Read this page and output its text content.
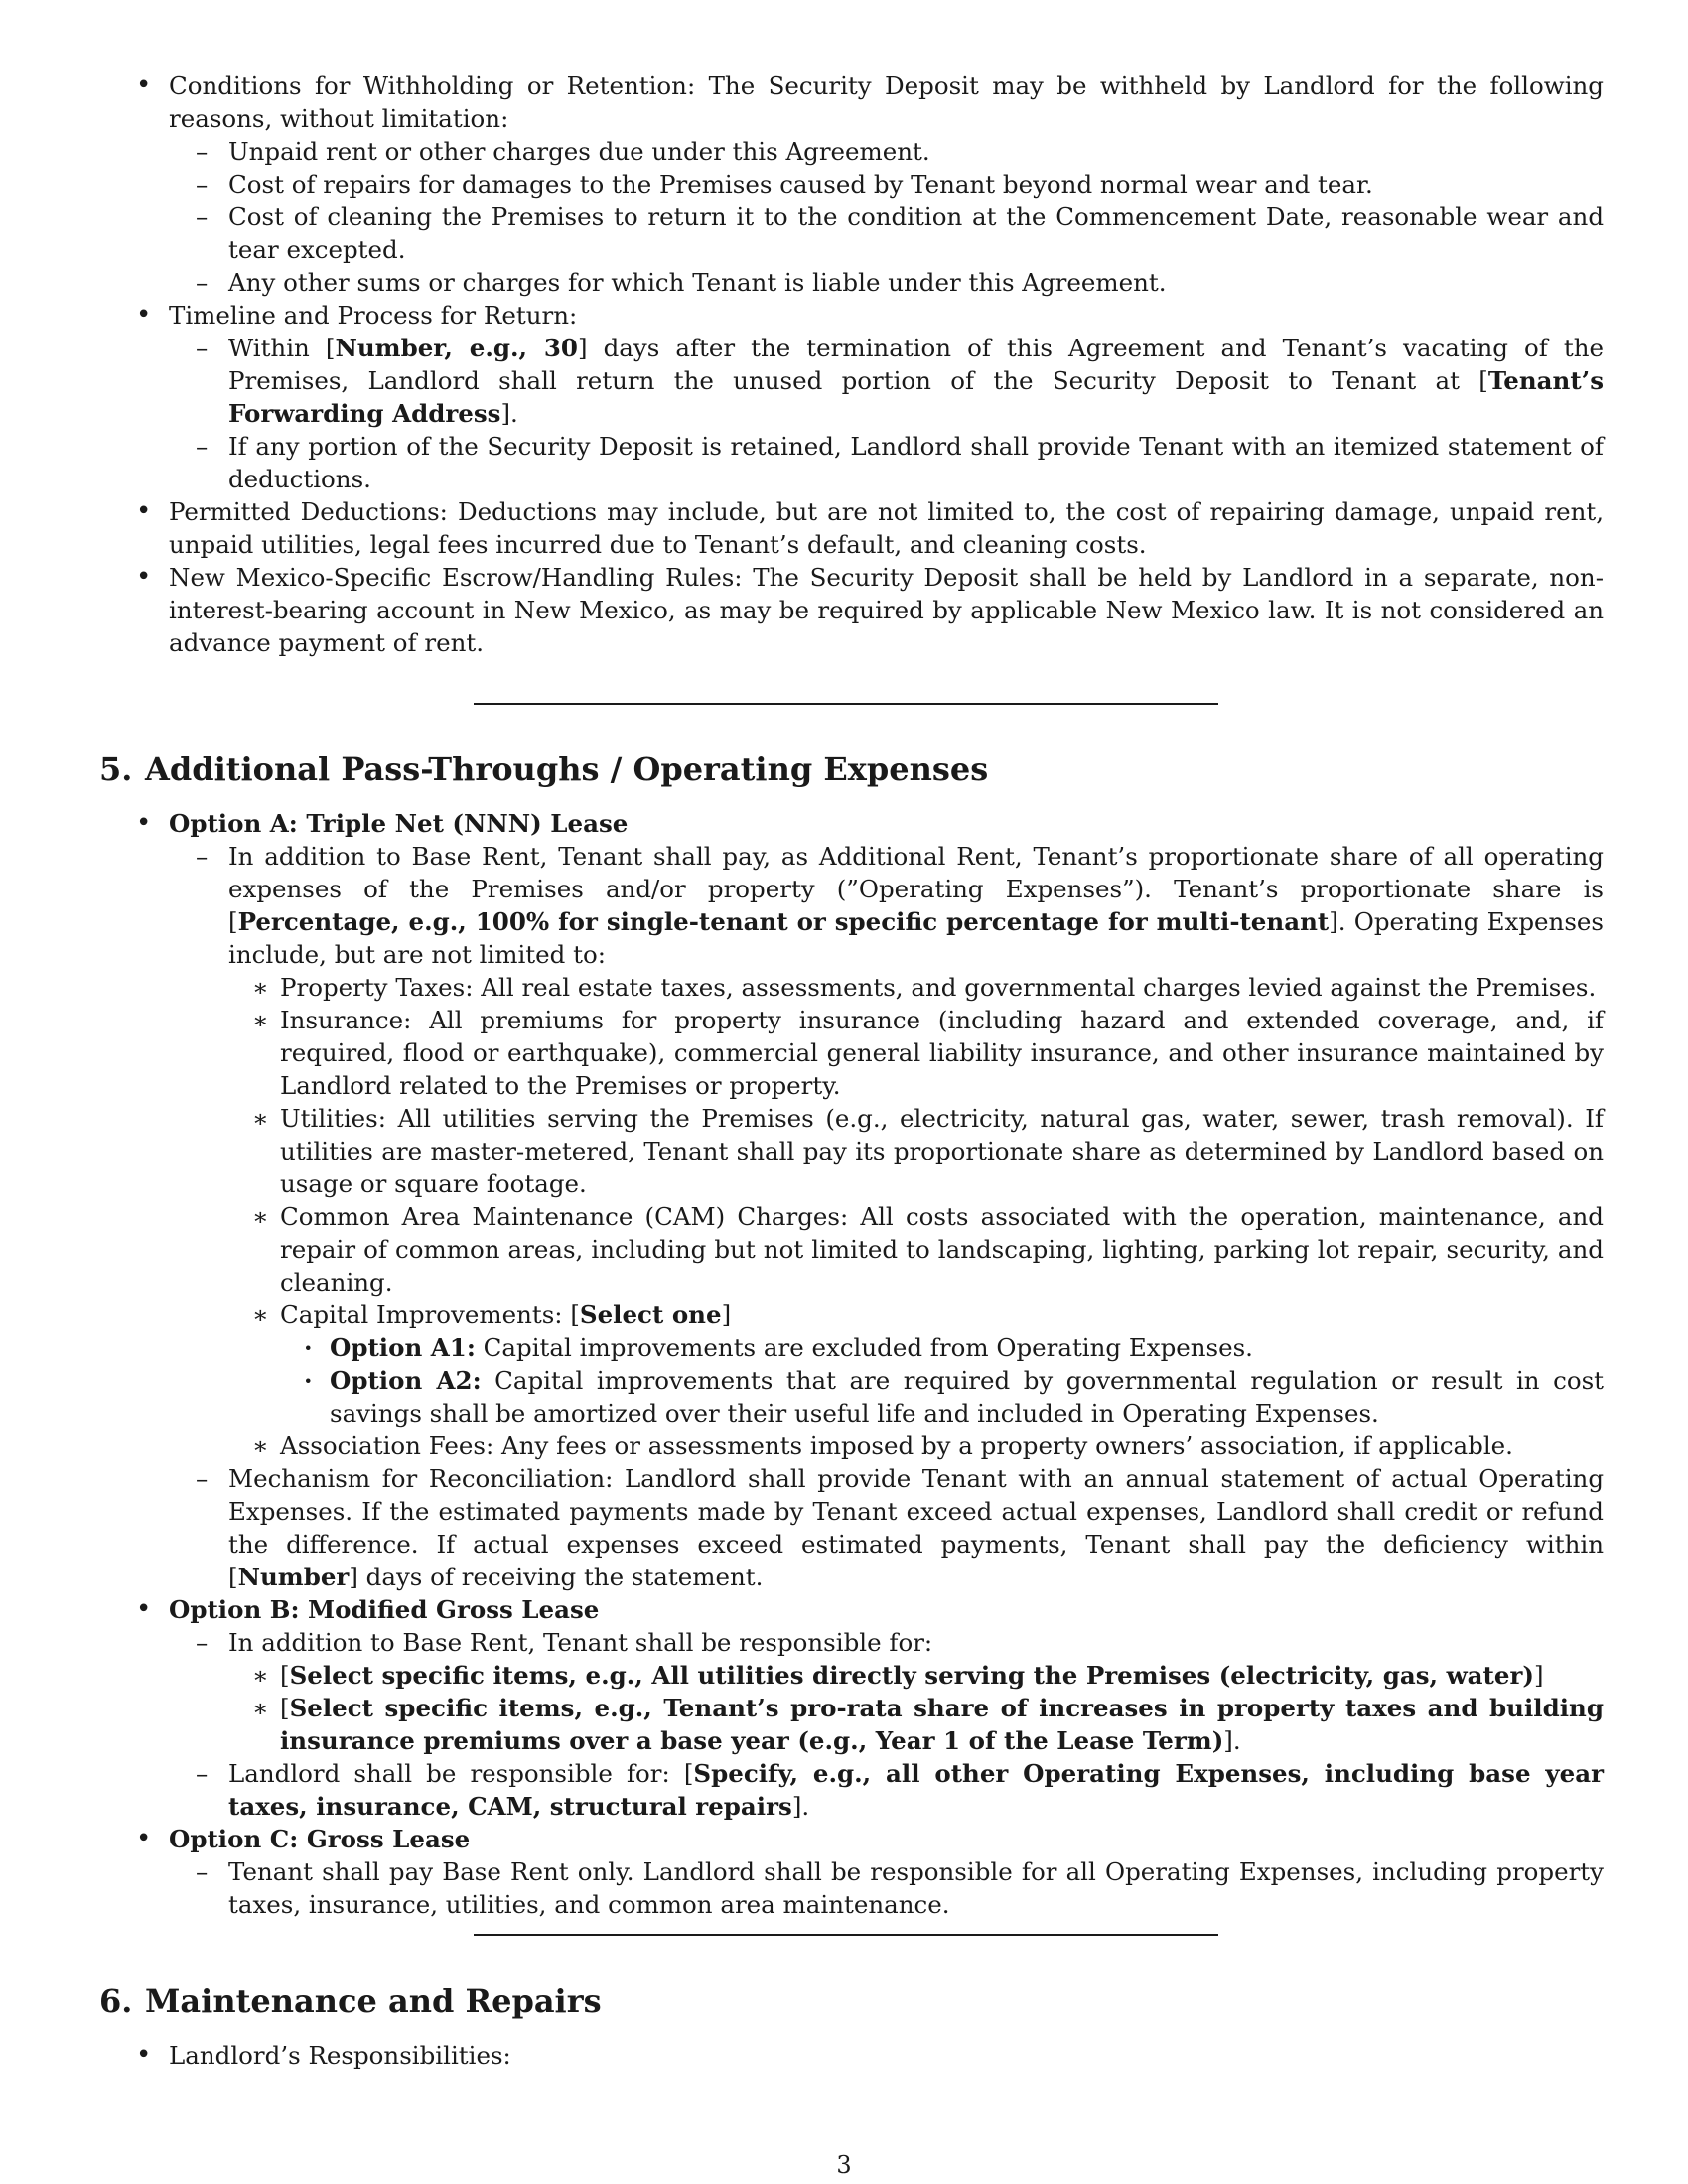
• Conditions for Withholding or Retention: The Security Deposit may be withheld by Landlord for the following reasons, without limitation:
– Unpaid rent or other charges due under this Agreement.
– Cost of repairs for damages to the Premises caused by Tenant beyond normal wear and tear.
– Cost of cleaning the Premises to return it to the condition at the Commencement Date, reasonable wear and tear excepted.
– Any other sums or charges for which Tenant is liable under this Agreement.
• Timeline and Process for Return:
– Within [Number, e.g., 30] days after the termination of this Agreement and Tenant’s vacating of the Premises, Landlord shall return the unused portion of the Security Deposit to Tenant at [Tenant’s Forwarding Address].
– If any portion of the Security Deposit is retained, Landlord shall provide Tenant with an itemized statement of deductions.
• Permitted Deductions: Deductions may include, but are not limited to, the cost of repairing damage, unpaid rent, unpaid utilities, legal fees incurred due to Tenant’s default, and cleaning costs.
• New Mexico-Specific Escrow/Handling Rules: The Security Deposit shall be held by Landlord in a separate, non-interest-bearing account in New Mexico, as may be required by applicable New Mexico law. It is not considered an advance payment of rent.
5. Additional Pass-Throughs / Operating Expenses
• Option A: Triple Net (NNN) Lease
– In addition to Base Rent, Tenant shall pay, as Additional Rent, Tenant’s proportionate share of all operating expenses of the Premises and/or property (”Operating Expenses”). Tenant’s proportionate share is [Percentage, e.g., 100% for single-tenant or specific percentage for multi-tenant]. Operating Expenses include, but are not limited to:
∗ Property Taxes: All real estate taxes, assessments, and governmental charges levied against the Premises.
∗ Insurance: All premiums for property insurance (including hazard and extended coverage, and, if required, flood or earthquake), commercial general liability insurance, and other insurance maintained by Landlord related to the Premises or property.
∗ Utilities: All utilities serving the Premises (e.g., electricity, natural gas, water, sewer, trash removal). If utilities are master-metered, Tenant shall pay its proportionate share as determined by Landlord based on usage or square footage.
∗ Common Area Maintenance (CAM) Charges: All costs associated with the operation, maintenance, and repair of common areas, including but not limited to landscaping, lighting, parking lot repair, security, and cleaning.
∗ Capital Improvements: [Select one]
· Option A1: Capital improvements are excluded from Operating Expenses.
· Option A2: Capital improvements that are required by governmental regulation or result in cost savings shall be amortized over their useful life and included in Operating Expenses.
∗ Association Fees: Any fees or assessments imposed by a property owners’ association, if applicable.
– Mechanism for Reconciliation: Landlord shall provide Tenant with an annual statement of actual Operating Expenses. If the estimated payments made by Tenant exceed actual expenses, Landlord shall credit or refund the difference. If actual expenses exceed estimated payments, Tenant shall pay the deficiency within [Number] days of receiving the statement.
• Option B: Modified Gross Lease
– In addition to Base Rent, Tenant shall be responsible for:
∗ [Select specific items, e.g., All utilities directly serving the Premises (electricity, gas, water)]
∗ [Select specific items, e.g., Tenant’s pro-rata share of increases in property taxes and building insurance premiums over a base year (e.g., Year 1 of the Lease Term)].
– Landlord shall be responsible for: [Specify, e.g., all other Operating Expenses, including base year taxes, insurance, CAM, structural repairs].
• Option C: Gross Lease
– Tenant shall pay Base Rent only. Landlord shall be responsible for all Operating Expenses, including property taxes, insurance, utilities, and common area maintenance.
6. Maintenance and Repairs
• Landlord’s Responsibilities:
3
